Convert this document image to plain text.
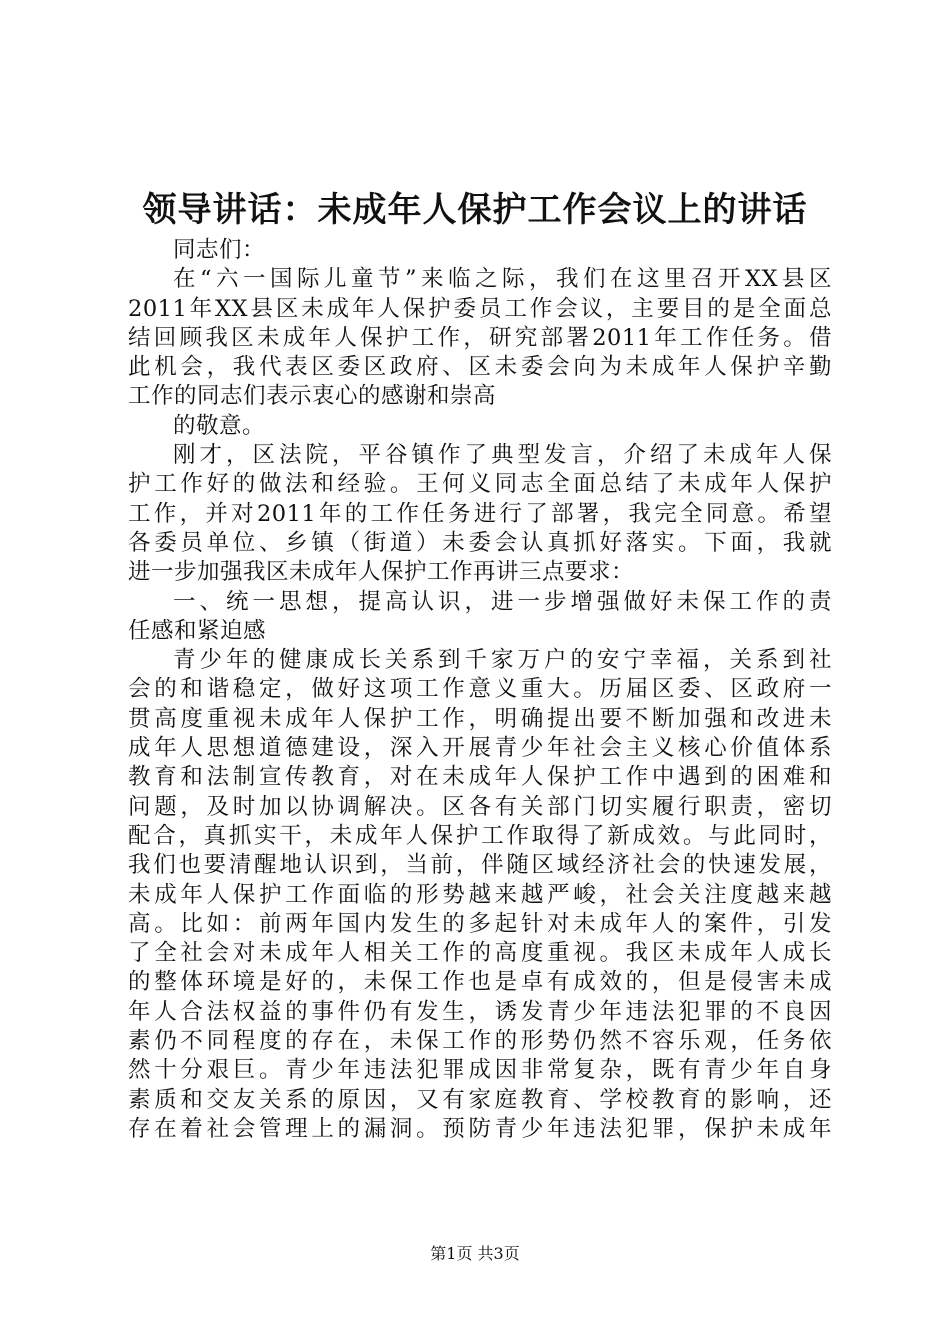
领导讲话：未成年人保护工作会议上的讲话
同志们：
在“六一国际儿童节”来临之际，我们在这里召开XX县区
2011年XX县区未成年人保护委员工作会议，主要目的是全面总
结回顾我区未成年人保护工作，研究部署2011年工作任务。借
此机会，我代表区委区政府、区未委会向为未成年人保护辛勤
工作的同志们表示衷心的感谢和崇高
的敬意。
刚才，区法院，平谷镇作了典型发言，介绍了未成年人保
护工作好的做法和经验。王何义同志全面总结了未成年人保护
工作，并对2011年的工作任务进行了部署，我完全同意。希望
各委员单位、乡镇（街道）未委会认真抓好落实。下面，我就
进一步加强我区未成年人保护工作再讲三点要求：
一、统一思想，提高认识，进一步增强做好未保工作的责
任感和紧迫感
青少年的健康成长关系到千家万户的安宁幸福，关系到社
会的和谐稳定，做好这项工作意义重大。历届区委、区政府一
贯高度重视未成年人保护工作，明确提出要不断加强和改进未
成年人思想道德建设，深入开展青少年社会主义核心价值体系
教育和法制宣传教育，对在未成年人保护工作中遇到的困难和
问题，及时加以协调解决。区各有关部门切实履行职责，密切
配合，真抓实干，未成年人保护工作取得了新成效。与此同时，
我们也要清醒地认识到，当前，伴随区域经济社会的快速发展，
未成年人保护工作面临的形势越来越严峻，社会关注度越来越
高。比如：前两年国内发生的多起针对未成年人的案件，引发
了全社会对未成年人相关工作的高度重视。我区未成年人成长
的整体环境是好的，未保工作也是卓有成效的，但是侵害未成
年人合法权益的事件仍有发生，诱发青少年违法犯罪的不良因
素仍不同程度的存在，未保工作的形势仍然不容乐观，任务依
然十分艰巨。青少年违法犯罪成因非常复杂，既有青少年自身
素质和交友关系的原因，又有家庭教育、学校教育的影响，还
存在着社会管理上的漏洞。预防青少年违法犯罪，保护未成年
第1页 共3页
